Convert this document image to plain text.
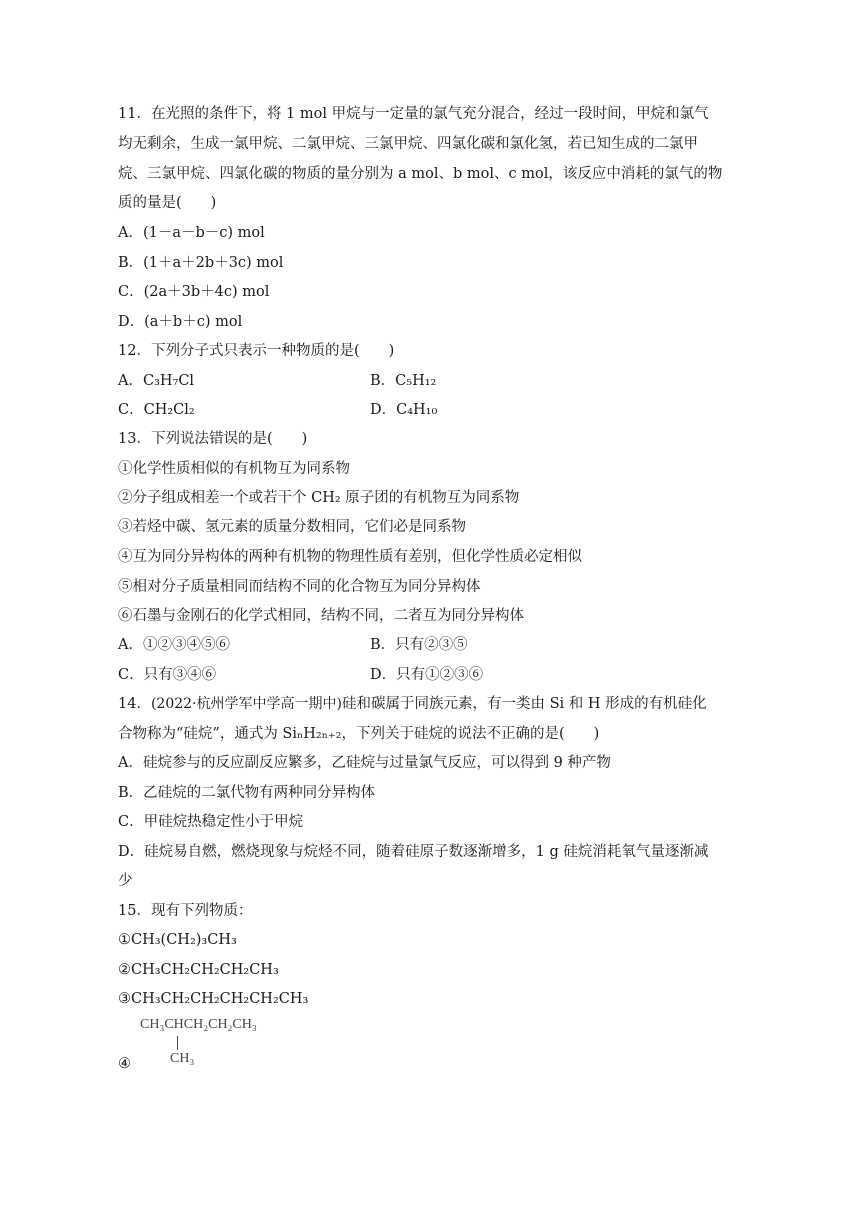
11．在光照的条件下，将 1 mol 甲烷与一定量的氯气充分混合，经过一段时间，甲烷和氯气
均无剩余，生成一氯甲烷、二氯甲烷、三氯甲烷、四氯化碳和氯化氢，若已知生成的二氯甲
烷、三氯甲烷、四氯化碳的物质的量分别为 a mol、b mol、c mol，该反应中消耗的氯气的物
质的量是(　　)
A．(1－a－b－c) mol
B．(1＋a＋2b＋3c) mol
C．(2a＋3b＋4c) mol
D．(a＋b＋c) mol
12．下列分子式只表示一种物质的是(　　)
A．C₃H₇Cl	B．C₅H₁₂
C．CH₂Cl₂	D．C₄H₁₀
13．下列说法错误的是(　　)
①化学性质相似的有机物互为同系物
②分子组成相差一个或若干个 CH₂ 原子团的有机物互为同系物
③若烃中碳、氢元素的质量分数相同，它们必是同系物
④互为同分异构体的两种有机物的物理性质有差别，但化学性质必定相似
⑤相对分子质量相同而结构不同的化合物互为同分异构体
⑥石墨与金刚石的化学式相同，结构不同，二者互为同分异构体
A．①②③④⑤⑥	B．只有②③⑤
C．只有③④⑥	D．只有①②③⑥
14．(2022·杭州学军中学高一期中)硅和碳属于同族元素，有一类由 Si 和 H 形成的有机硅化
合物称为“硅烷”，通式为 SiₙH₂ₙ₊₂，下列关于硅烷的说法不正确的是(　　)
A．硅烷参与的反应副反应繁多，乙硅烷与过量氯气反应，可以得到 9 种产物
B．乙硅烷的二氯代物有两种同分异构体
C．甲硅烷热稳定性小于甲烷
D．硅烷易自燃，燃烧现象与烷烃不同，随着硅原子数逐渐增多，1 g 硅烷消耗氧气量逐渐减
少
15．现有下列物质：
①CH₃(CH₂)₃CH₃
②CH₃CH₂CH₂CH₂CH₃
③CH₃CH₂CH₂CH₂CH₂CH₃
CH₃CHCH₂CH₂CH₃
CH₃
④
